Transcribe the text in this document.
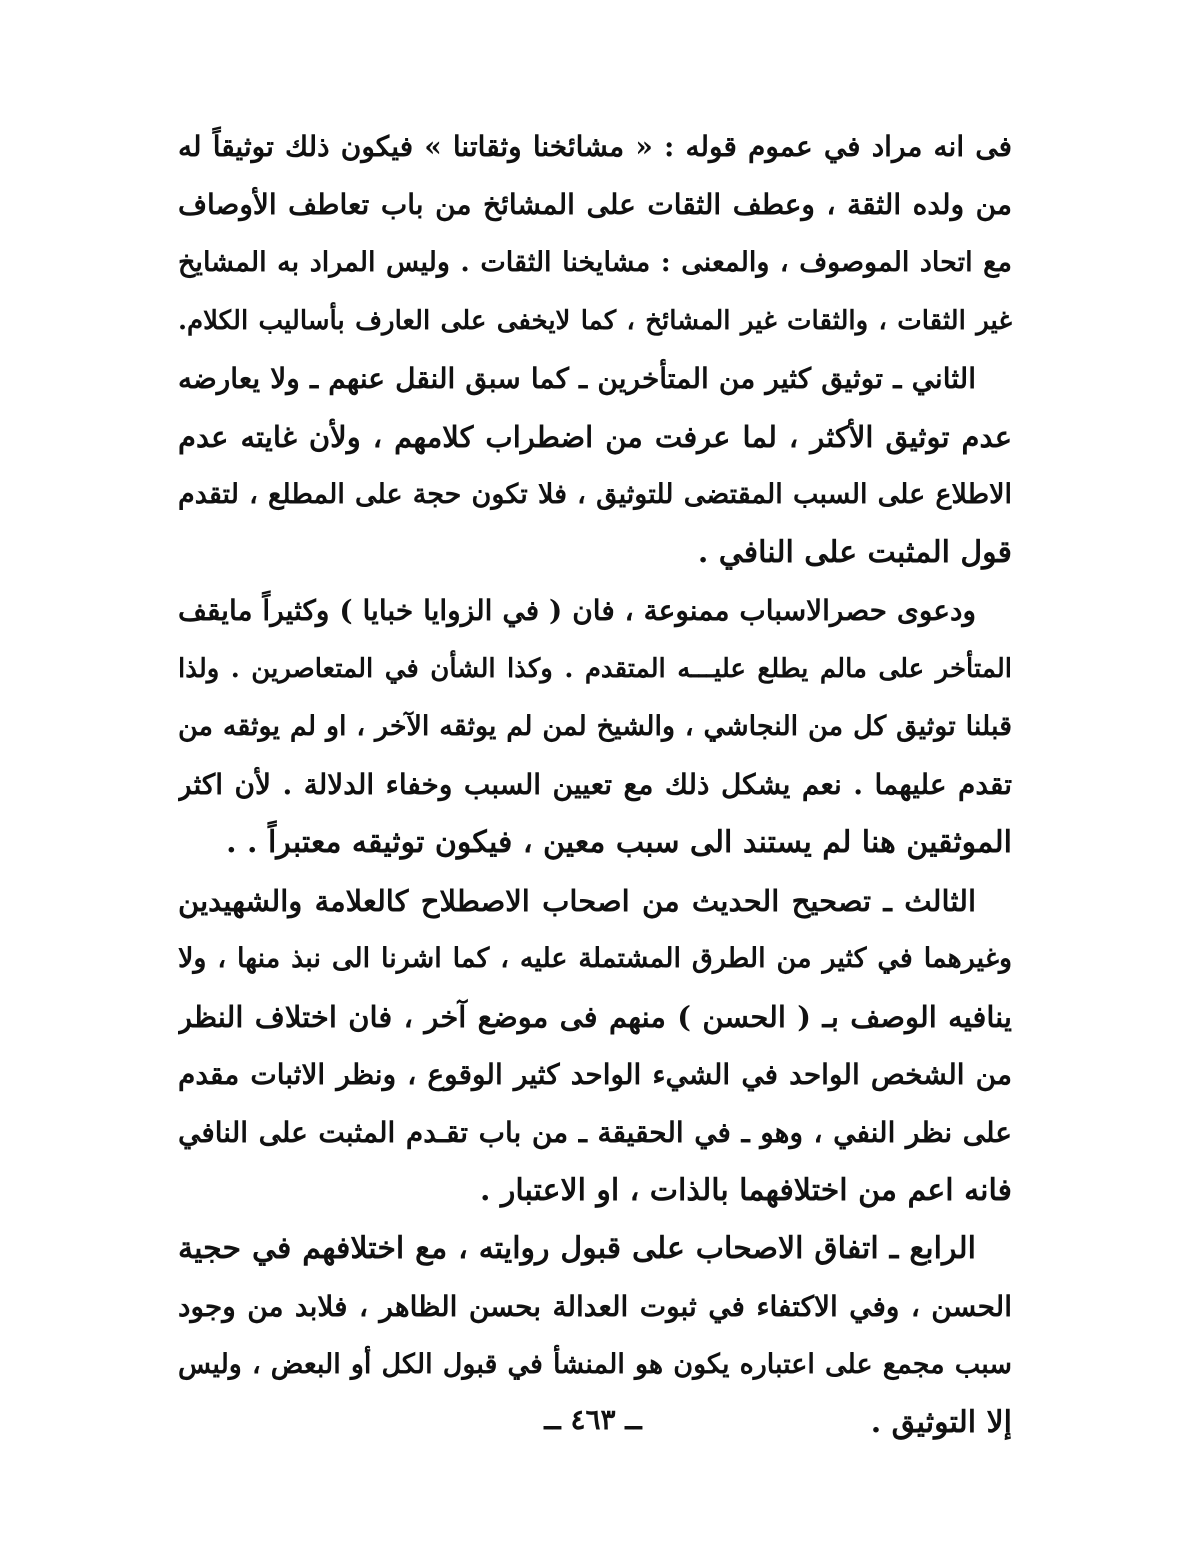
فى انه مراد في عموم قوله : « مشائخنا وثقاتنا » فيكون ذلك توثيقاً له
من ولده الثقة ، وعطف الثقات على المشائخ من باب تعاطف الأوصاف
مع اتحاد الموصوف ، والمعنى : مشايخنا الثقات . وليس المراد به المشايخ
غير الثقات ، والثقات غير المشائخ ، كما لايخفى على العارف بأساليب الكلام.
الثاني ـ توثيق كثير من المتأخرين ـ كما سبق النقل عنهم ـ ولا يعارضه
عدم توثيق الأكثر ، لما عرفت من اضطراب كلامهم ، ولأن غايته عدم
الاطلاع على السبب المقتضى للتوثيق ، فلا تكون حجة على المطلع ، لتقدم
قول المثبت على النافي .
ودعوى حصرالاسباب ممنوعة ، فان ( في الزوايا خبايا ) وكثيراً مايقف
المتأخر على مالم يطلع عليـــه المتقدم . وكذا الشأن في المتعاصرين . ولذا
قبلنا توثيق كل من النجاشي ، والشيخ لمن لم يوثقه الآخر ، او لم يوثقه من
تقدم عليهما . نعم يشكل ذلك مع تعيين السبب وخفاء الدلالة . لأن اكثر
الموثقين هنا لم يستند الى سبب معين ، فيكون توثيقه معتبراً . .
الثالث ـ تصحيح الحديث من اصحاب الاصطلاح كالعلامة والشهيدين
وغيرهما في كثير من الطرق المشتملة عليه ، كما اشرنا الى نبذ منها ، ولا
ينافيه الوصف بـ ( الحسن ) منهم فى موضع آخر ، فان اختلاف النظر
من الشخص الواحد في الشيء الواحد كثير الوقوع ، ونظر الاثبات مقدم
على نظر النفي ، وهو ـ في الحقيقة ـ من باب تقـدم المثبت على النافي
فانه اعم من اختلافهما بالذات ، او الاعتبار .
الرابع ـ اتفاق الاصحاب على قبول روايته ، مع اختلافهم في حجية
الحسن ، وفي الاكتفاء في ثبوت العدالة بحسن الظاهر ، فلابد من وجود
سبب مجمع على اعتباره يكون هو المنشأ في قبول الكل أو البعض ، وليس
إلا التوثيق .
ــ ٤٦٣ ــ
